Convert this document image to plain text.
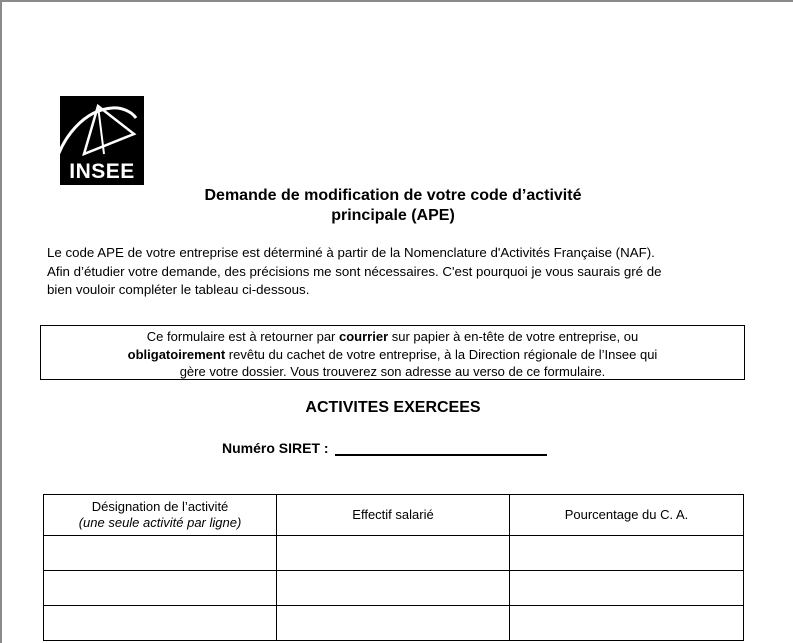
INSEE
Demande de modification de votre code d’activité
principale (APE)
Le code APE de votre entreprise est déterminé à partir de la Nomenclature d'Activités Française (NAF).
Afin d’étudier votre demande, des précisions me sont nécessaires. C'est pourquoi je vous saurais gré de
bien vouloir compléter le tableau ci-dessous.
Ce formulaire est à retourner par courrier sur papier à en-tête de votre entreprise, ou
obligatoirement revêtu du cachet de votre entreprise, à la Direction régionale de l’Insee qui
gère votre dossier. Vous trouverez son adresse au verso de ce formulaire.
ACTIVITES EXERCEES
Numéro SIRET :
Désignation de l’activité
(une seule activité par ligne)	Effectif salarié	Pourcentage du C. A.
